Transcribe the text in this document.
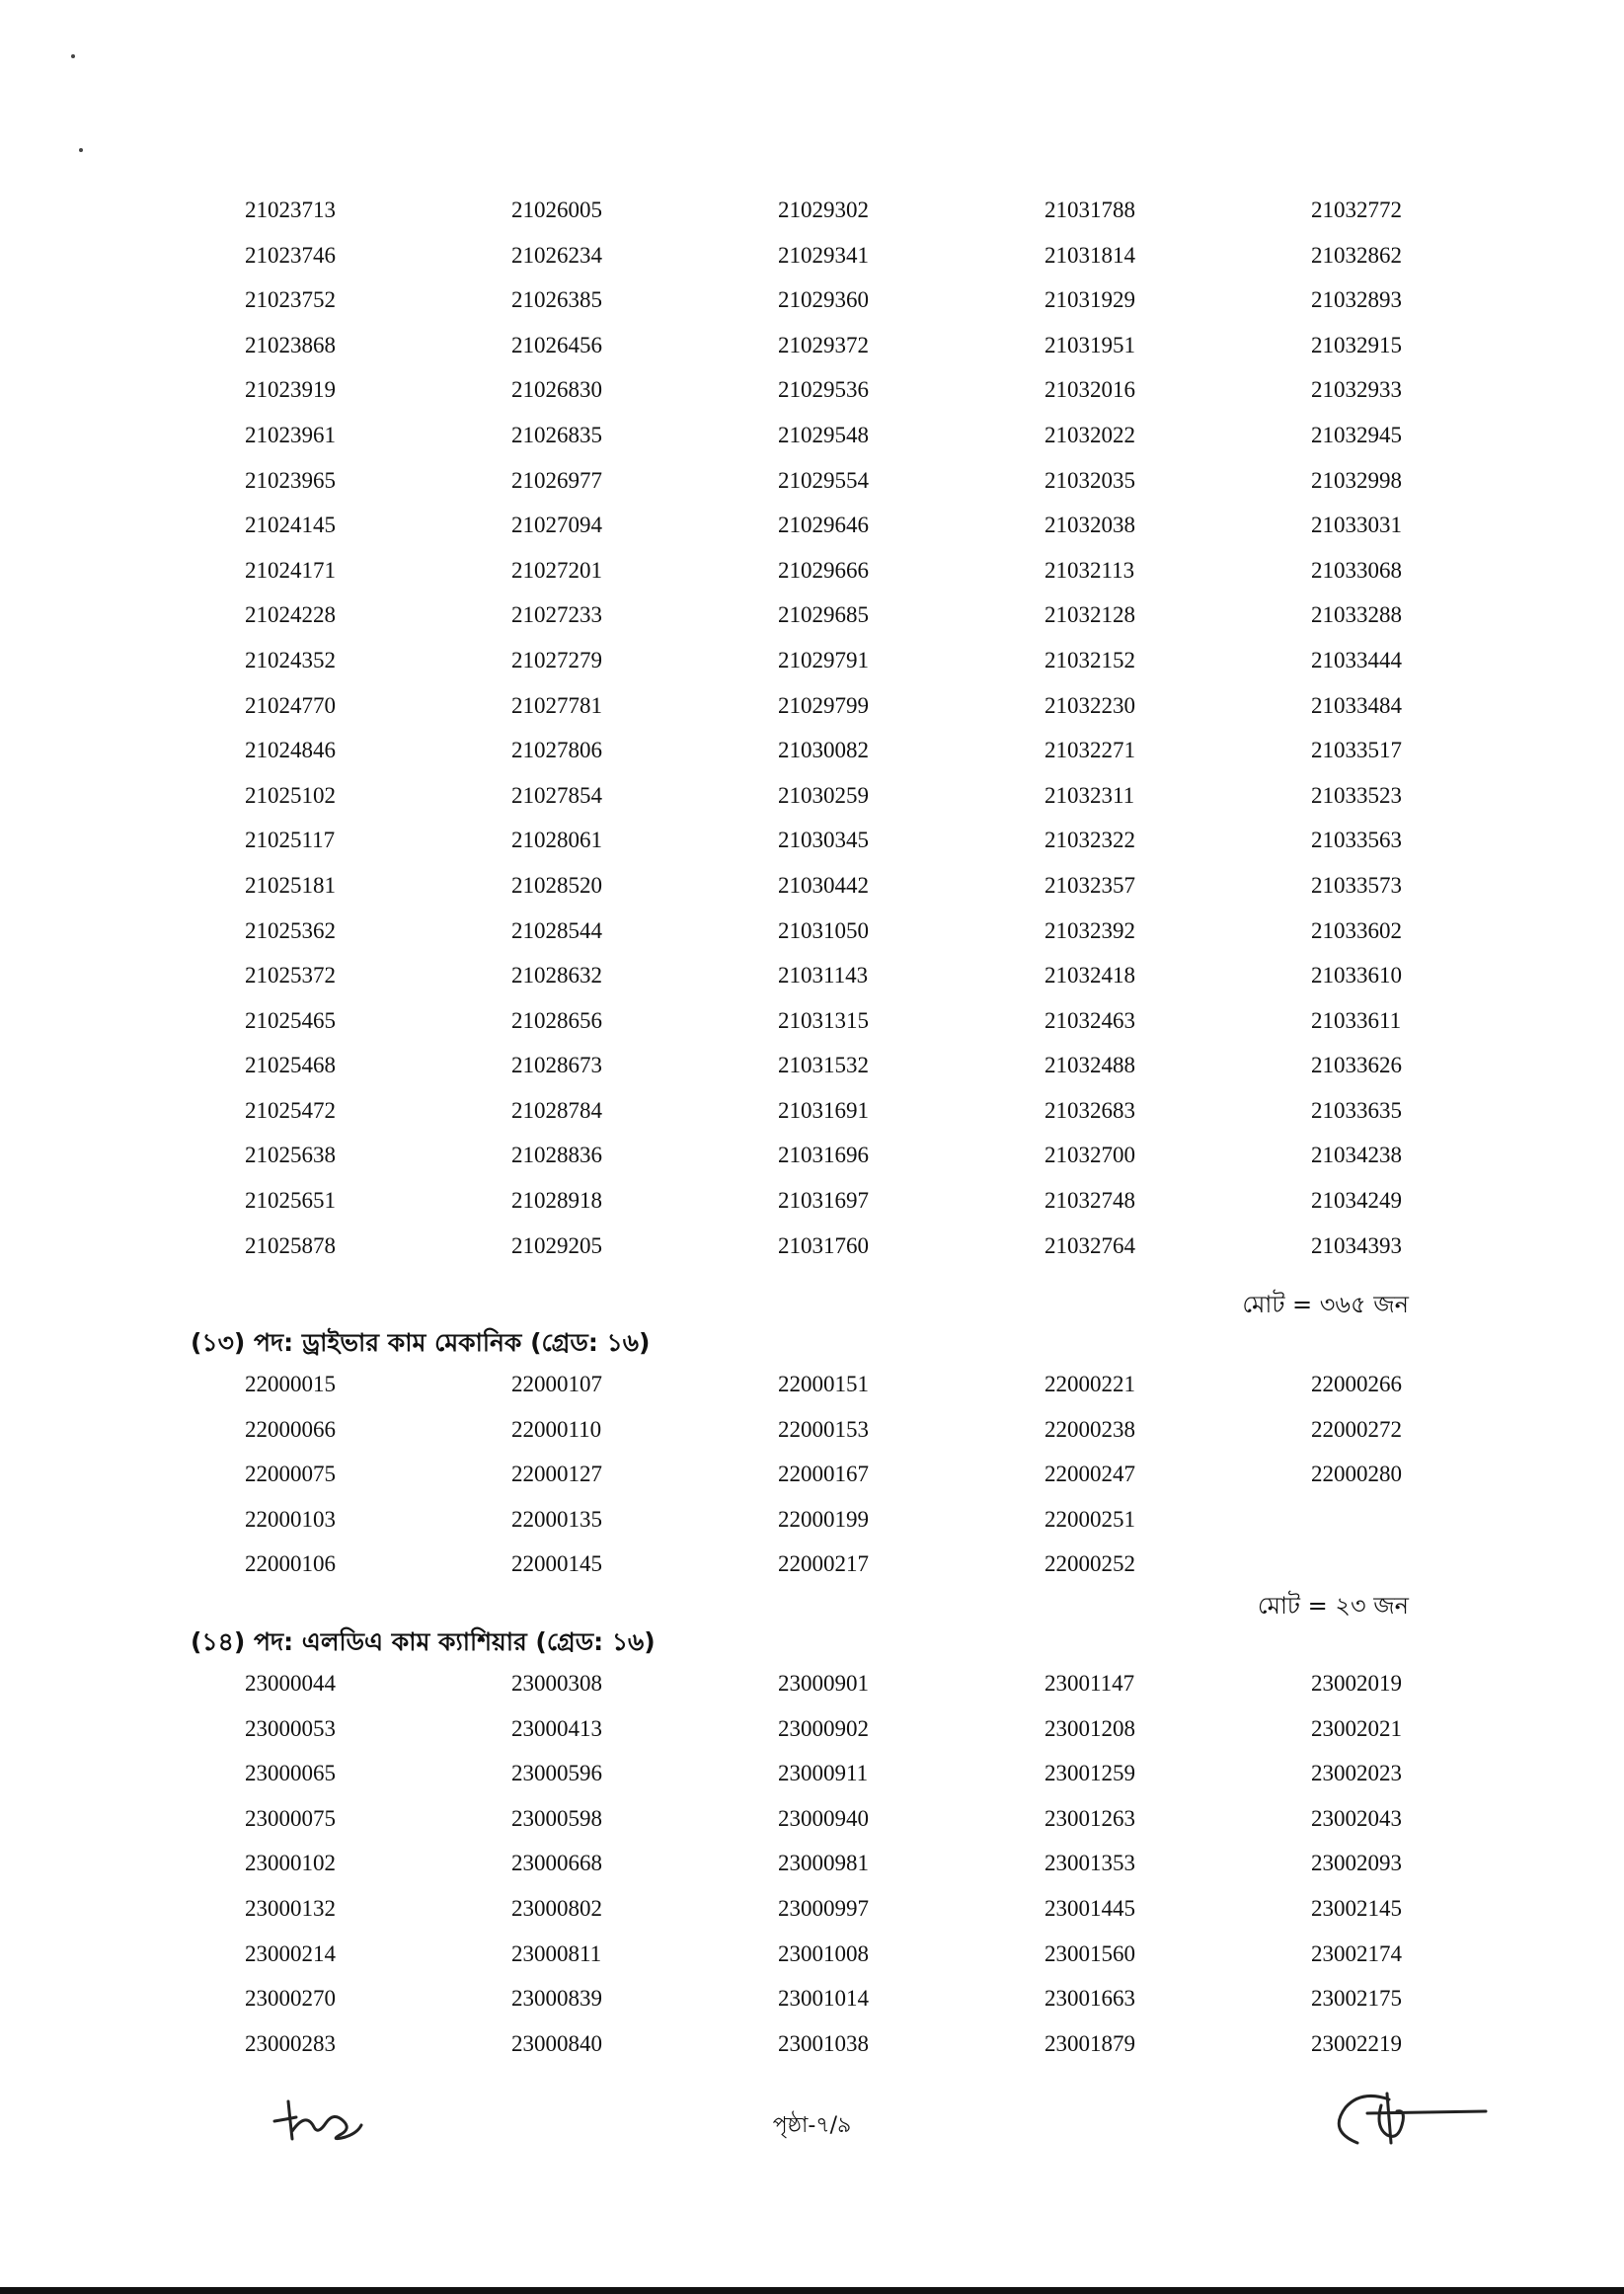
21023713	21026005	21029302	21031788	21032772
21023746	21026234	21029341	21031814	21032862
21023752	21026385	21029360	21031929	21032893
21023868	21026456	21029372	21031951	21032915
21023919	21026830	21029536	21032016	21032933
21023961	21026835	21029548	21032022	21032945
21023965	21026977	21029554	21032035	21032998
21024145	21027094	21029646	21032038	21033031
21024171	21027201	21029666	21032113	21033068
21024228	21027233	21029685	21032128	21033288
21024352	21027279	21029791	21032152	21033444
21024770	21027781	21029799	21032230	21033484
21024846	21027806	21030082	21032271	21033517
21025102	21027854	21030259	21032311	21033523
21025117	21028061	21030345	21032322	21033563
21025181	21028520	21030442	21032357	21033573
21025362	21028544	21031050	21032392	21033602
21025372	21028632	21031143	21032418	21033610
21025465	21028656	21031315	21032463	21033611
21025468	21028673	21031532	21032488	21033626
21025472	21028784	21031691	21032683	21033635
21025638	21028836	21031696	21032700	21034238
21025651	21028918	21031697	21032748	21034249
21025878	21029205	21031760	21032764	21034393
মোট = ৩৬৫ জন
(১৩) পদ: ড্রাইভার কাম মেকানিক (গ্রেড: ১৬)
22000015	22000107	22000151	22000221	22000266
22000066	22000110	22000153	22000238	22000272
22000075	22000127	22000167	22000247	22000280
22000103	22000135	22000199	22000251
22000106	22000145	22000217	22000252
মোট = ২৩ জন
(১৪) পদ: এলডিএ কাম ক্যাশিয়ার (গ্রেড: ১৬)
23000044	23000308	23000901	23001147	23002019
23000053	23000413	23000902	23001208	23002021
23000065	23000596	23000911	23001259	23002023
23000075	23000598	23000940	23001263	23002043
23000102	23000668	23000981	23001353	23002093
23000132	23000802	23000997	23001445	23002145
23000214	23000811	23001008	23001560	23002174
23000270	23000839	23001014	23001663	23002175
23000283	23000840	23001038	23001879	23002219
পৃষ্ঠা-৭/৯
